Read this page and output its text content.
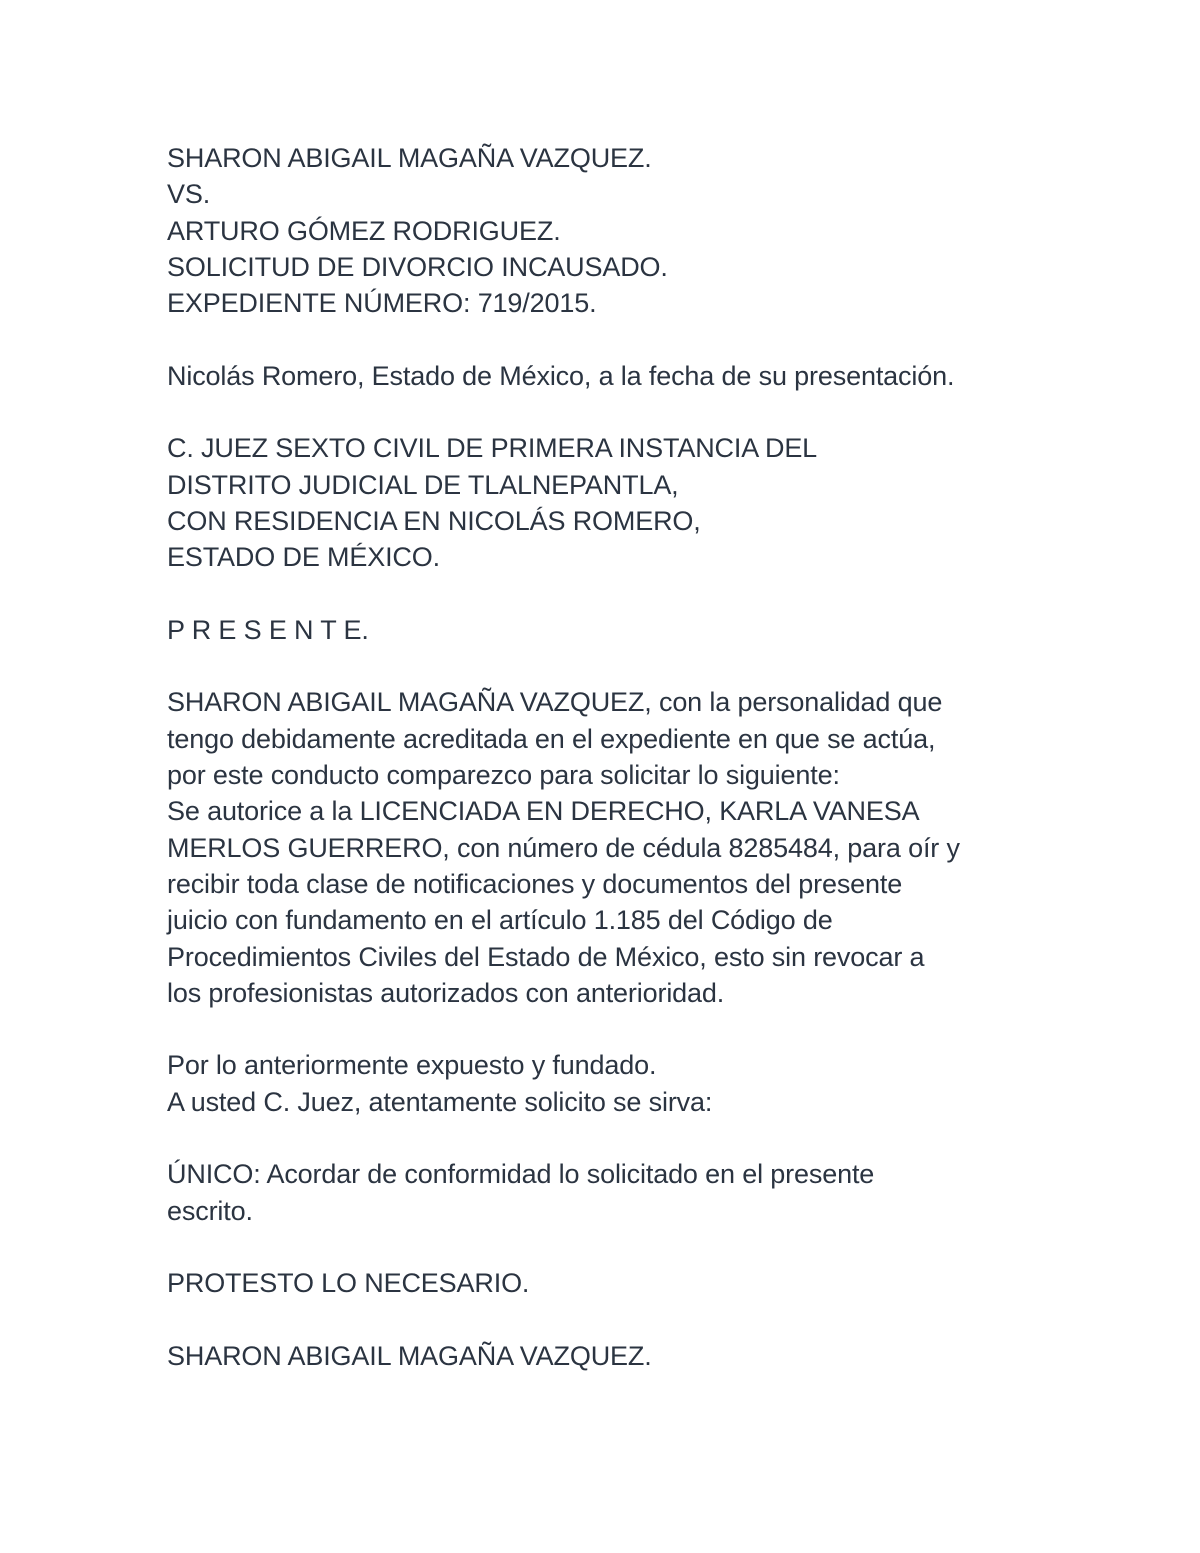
SHARON ABIGAIL MAGAÑA VAZQUEZ.
VS.
ARTURO GÓMEZ RODRIGUEZ.
SOLICITUD DE DIVORCIO INCAUSADO.
EXPEDIENTE NÚMERO: 719/2015.
Nicolás Romero, Estado de México, a la fecha de su presentación.
C. JUEZ SEXTO CIVIL DE PRIMERA INSTANCIA DEL
DISTRITO JUDICIAL DE TLALNEPANTLA,
CON RESIDENCIA EN NICOLÁS ROMERO,
ESTADO DE MÉXICO.
P R E S E N T E.
SHARON ABIGAIL MAGAÑA VAZQUEZ, con la personalidad que
tengo debidamente acreditada en el expediente en que se actúa,
por este conducto comparezco para solicitar lo siguiente:
Se autorice a la LICENCIADA EN DERECHO, KARLA VANESA
MERLOS GUERRERO, con número de cédula 8285484, para oír y
recibir toda clase de notificaciones y documentos del presente
juicio con fundamento en el artículo 1.185 del Código de
Procedimientos Civiles del Estado de México, esto sin revocar a
los profesionistas autorizados con anterioridad.
Por lo anteriormente expuesto y fundado.
A usted C. Juez, atentamente solicito se sirva:
ÚNICO: Acordar de conformidad lo solicitado en el presente
escrito.
PROTESTO LO NECESARIO.
SHARON ABIGAIL MAGAÑA VAZQUEZ.
